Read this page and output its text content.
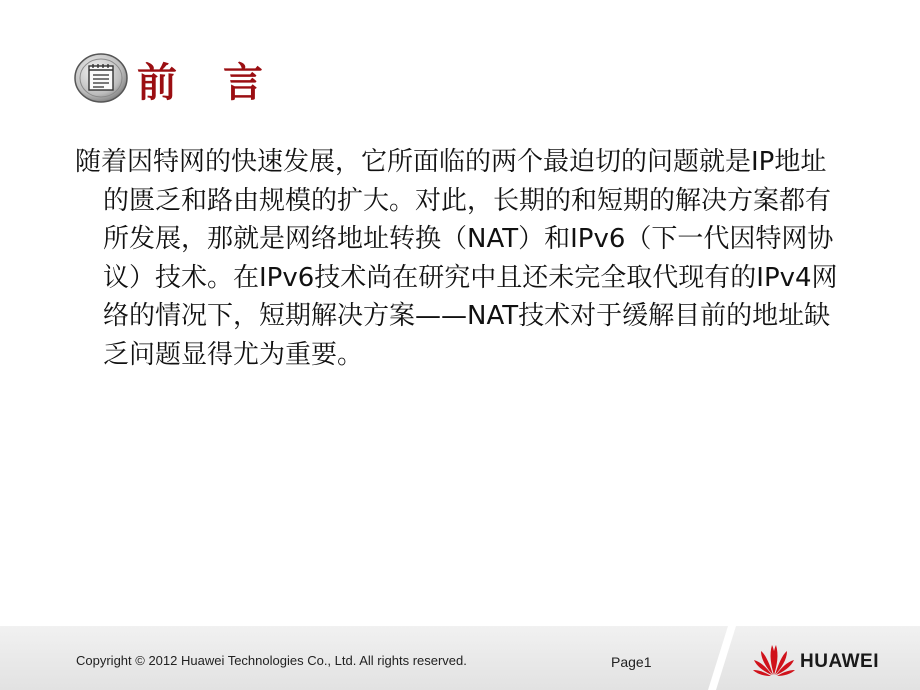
前言

随着因特网的快速发展，它所面临的两个最迫切的问题就是IP地址的匮乏和路由规模的扩大。对此，长期的和短期的解决方案都有所发展，那就是网络地址转换（NAT）和IPv6（下一代因特网协议）技术。在IPv6技术尚在研究中且还未完全取代现有的IPv4网络的情况下，短期解决方案——NAT技术对于缓解目前的地址缺乏问题显得尤为重要。

Copyright © 2012 Huawei Technologies Co., Ltd. All rights reserved.	Page1	HUAWEI
